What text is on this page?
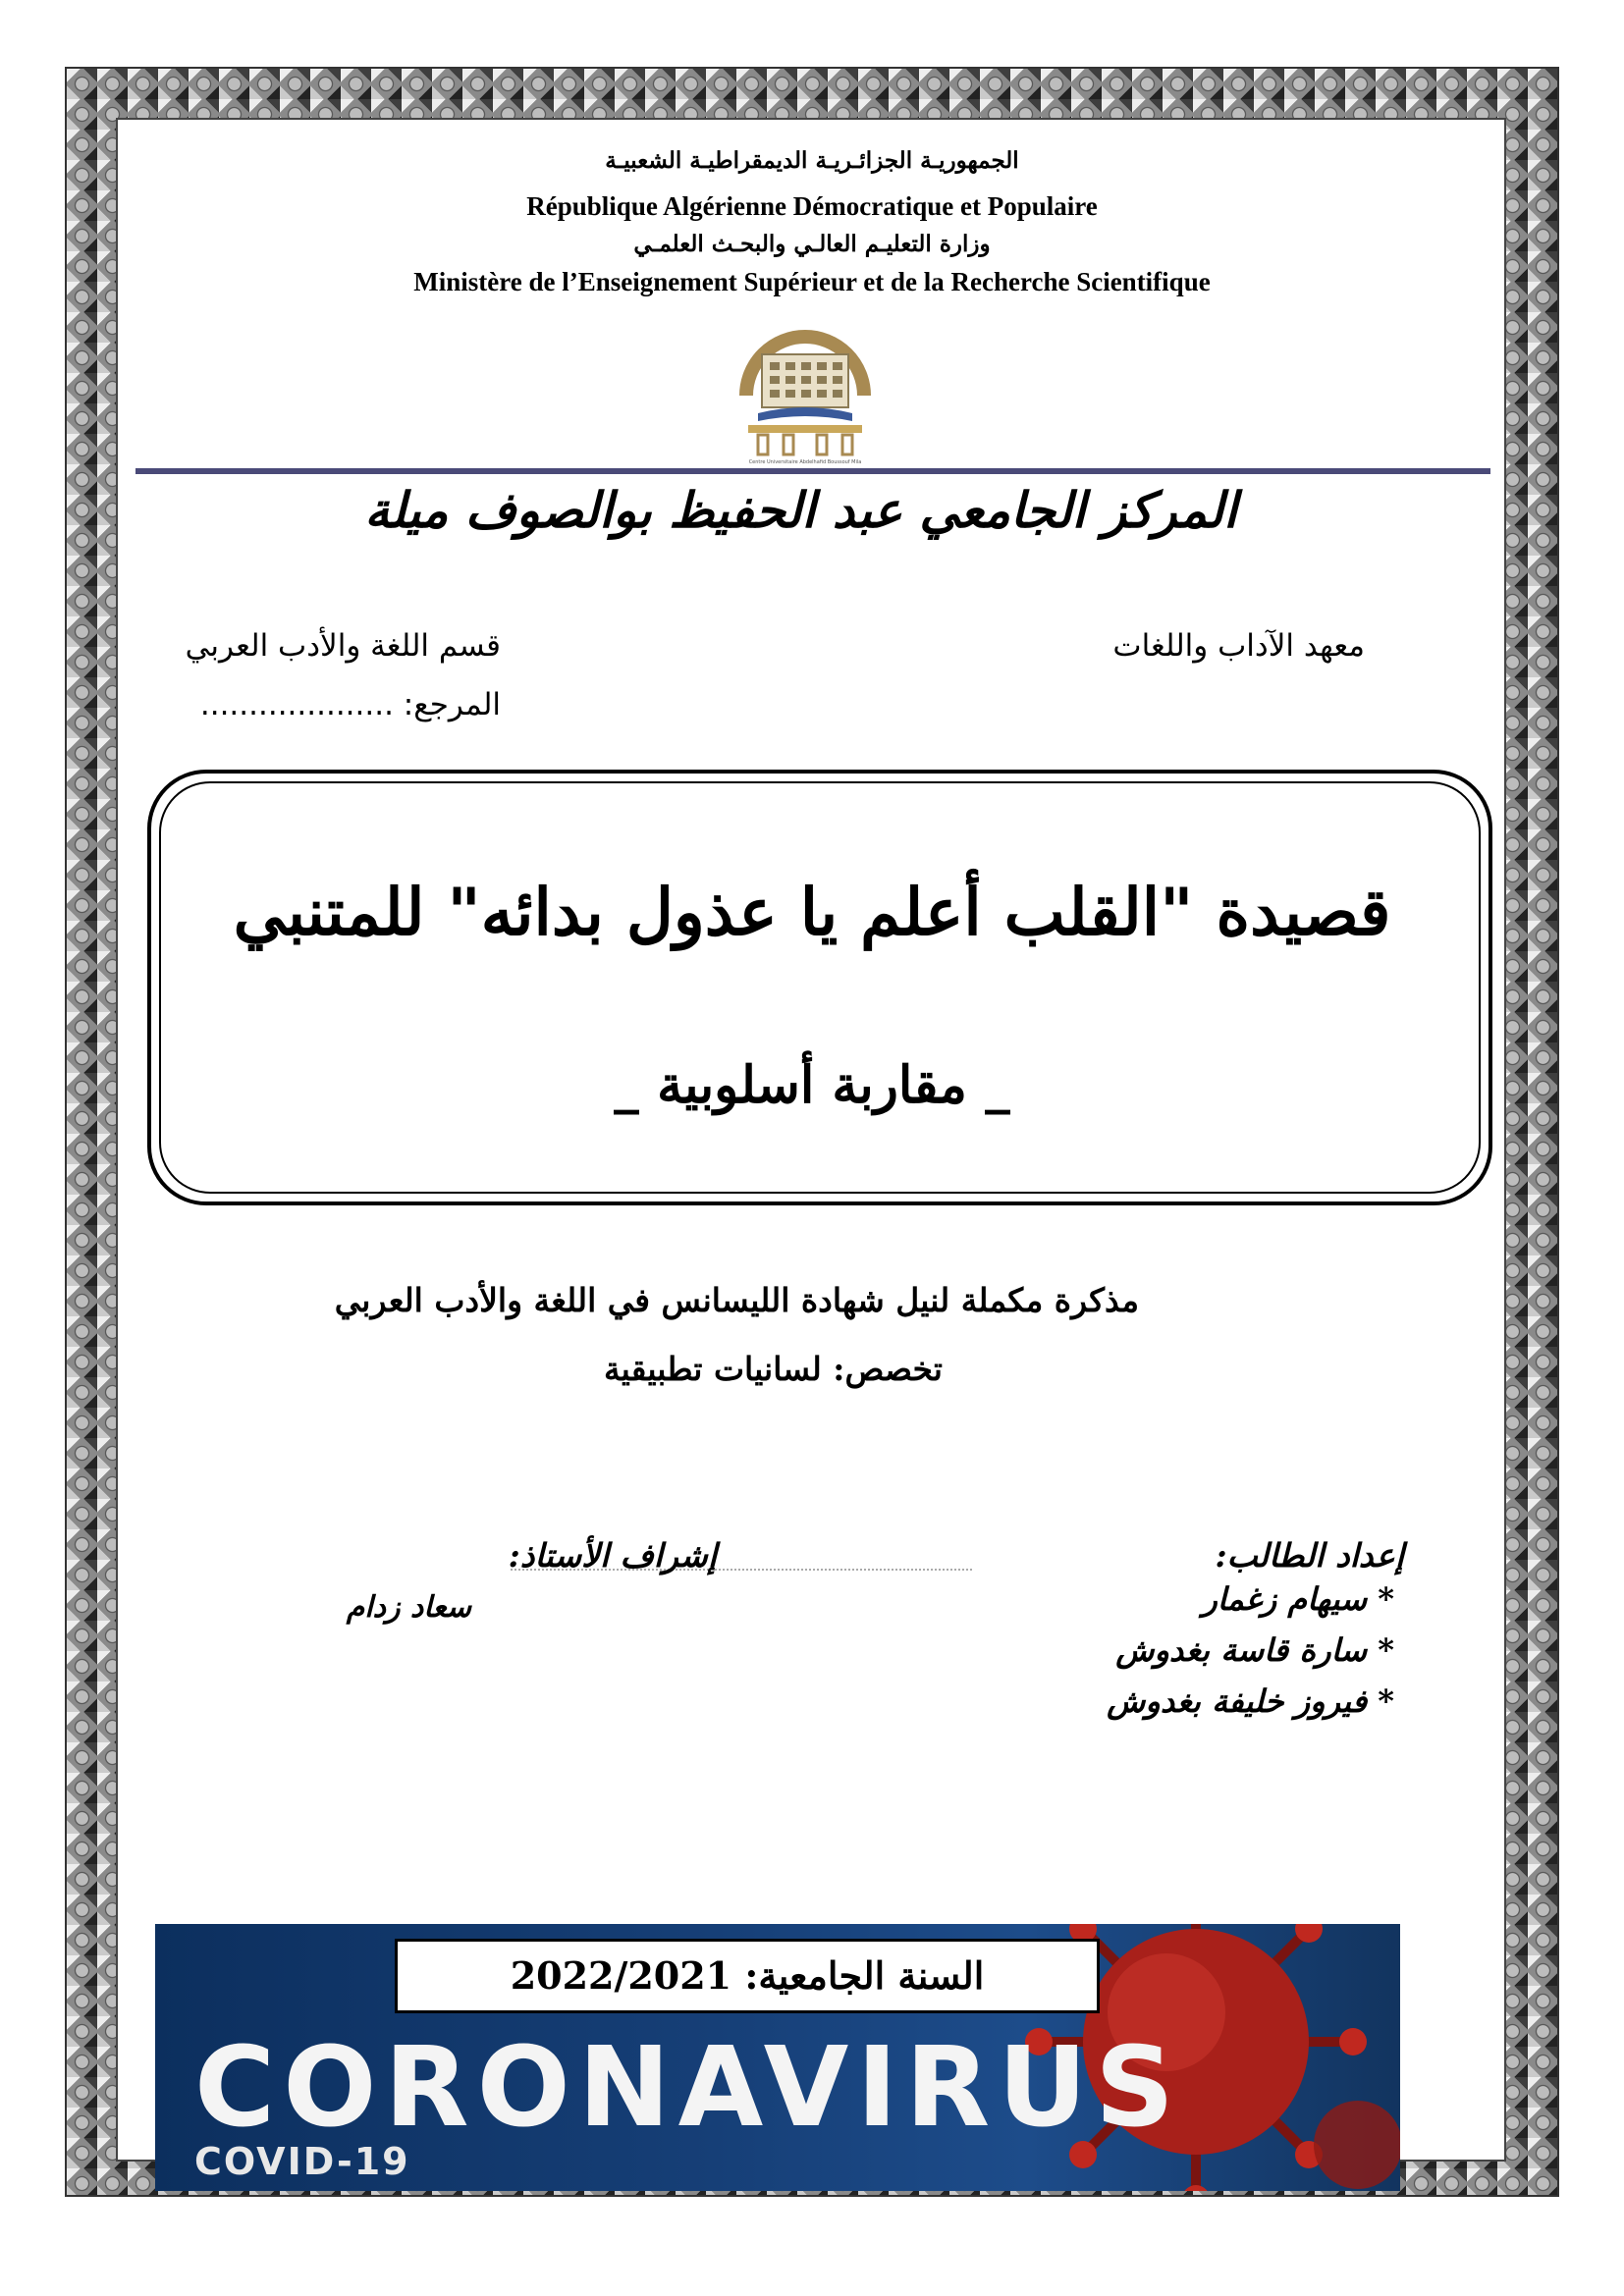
الجمهوريـة الجزائـريـة الديمقراطيـة الشعبيـة
République Algérienne Démocratique et Populaire
وزارة التعليـم العالـي والبحـث العلمـي
Ministère de l’Enseignement Supérieur et de la Recherche Scientifique
Centre Universitaire Abdelhafid Boussouf Mila
المركز الجامعي عبد الحفيظ بوالصوف ميلة
معهد الآداب واللغات
قسم اللغة والأدب العربي
المرجع: ....................
قصيدة "القلب أعلم يا عذول بدائه" للمتنبي
_ مقاربة أسلوبية _
مذكرة مكملة لنيل شهادة الليسانس في اللغة والأدب العربي
تخصص: لسانيات تطبيقية
إعداد الطالب:
إشراف الأستاذ:
* سيهام زغمار
* سارة قاسة بغدوش
* فيروز خليفة بغدوش
سعاد زدام
السنة الجامعية: 2022/2021
CORONAVIRUS
COVID-19
